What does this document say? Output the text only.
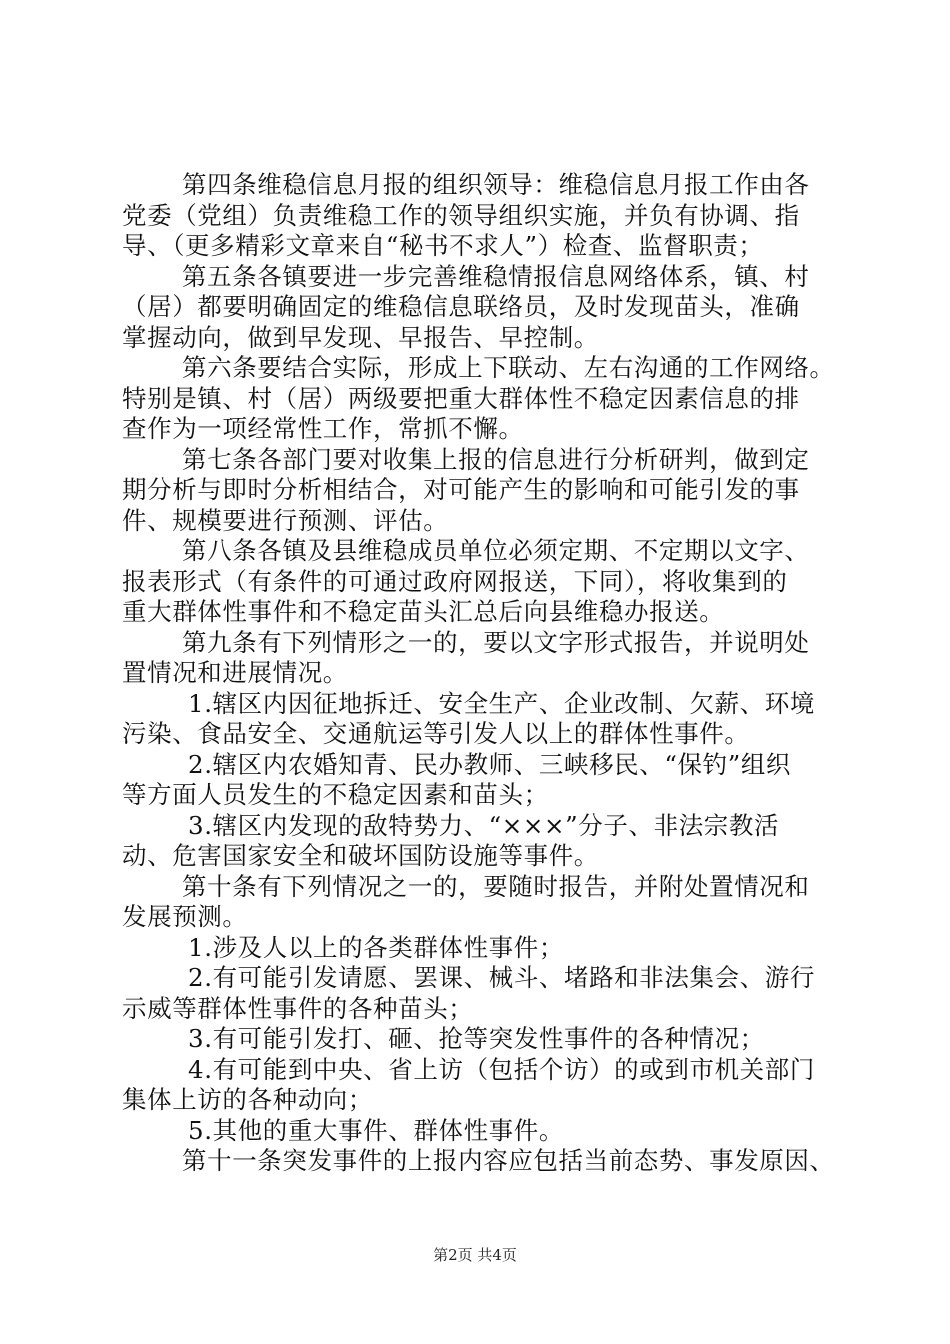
第四条维稳信息月报的组织领导：维稳信息月报工作由各
党委（党组）负责维稳工作的领导组织实施，并负有协调、指
导、（更多精彩文章来自“秘书不求人”）检查、监督职责；
第五条各镇要进一步完善维稳情报信息网络体系，镇、村
（居）都要明确固定的维稳信息联络员，及时发现苗头，准确
掌握动向，做到早发现、早报告、早控制。
第六条要结合实际，形成上下联动、左右沟通的工作网络。
特别是镇、村（居）两级要把重大群体性不稳定因素信息的排
查作为一项经常性工作，常抓不懈。
第七条各部门要对收集上报的信息进行分析研判，做到定
期分析与即时分析相结合，对可能产生的影响和可能引发的事
件、规模要进行预测、评估。
第八条各镇及县维稳成员单位必须定期、不定期以文字、
报表形式（有条件的可通过政府网报送，下同），将收集到的
重大群体性事件和不稳定苗头汇总后向县维稳办报送。
第九条有下列情形之一的，要以文字形式报告，并说明处
置情况和进展情况。
1.辖区内因征地拆迁、安全生产、企业改制、欠薪、环境
污染、食品安全、交通航运等引发人以上的群体性事件。
2.辖区内农婚知青、民办教师、三峡移民、“保钓”组织
等方面人员发生的不稳定因素和苗头；
3.辖区内发现的敌特势力、“×××”分子、非法宗教活
动、危害国家安全和破坏国防设施等事件。
第十条有下列情况之一的，要随时报告，并附处置情况和
发展预测。
1.涉及人以上的各类群体性事件；
2.有可能引发请愿、罢课、械斗、堵路和非法集会、游行
示威等群体性事件的各种苗头；
3.有可能引发打、砸、抢等突发性事件的各种情况；
4.有可能到中央、省上访（包括个访）的或到市机关部门
集体上访的各种动向；
5.其他的重大事件、群体性事件。
第十一条突发事件的上报内容应包括当前态势、事发原因、
第2页 共4页
